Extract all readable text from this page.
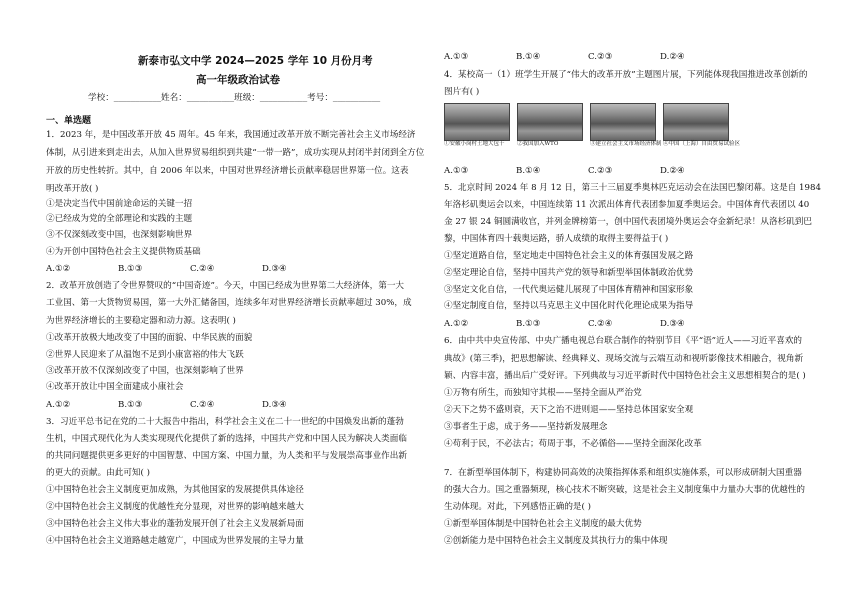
新泰市弘文中学 2024—2025 学年 10 月份月考
高一年级政治试卷
学校：___________姓名：___________班级：___________考号：___________
一、单选题
1．2023 年，是中国改革开放 45 周年。45 年来，我国通过改革开放不断完善社会主义市场经济
体制，从引进来到走出去，从加入世界贸易组织到共建“一带一路”，成功实现从封闭半封闭到全方位
开放的历史性转折。其中，自 2006 年以来，中国对世界经济增长贡献率稳居世界第一位。这表
明改革开放( )
①是决定当代中国前途命运的关键一招
②已经成为党的全部理论和实践的主题
③不仅深刻改变中国，也深刻影响世界
④为开创中国特色社会主义提供物质基础
A.①②	B.①③	C.②④	D.③④
2．改革开放创造了令世界赞叹的“中国奇迹”。今天，中国已经成为世界第二大经济体，第一大
工业国、第一大货物贸易国，第一大外汇储备国，连续多年对世界经济增长贡献率超过 30%，成
为世界经济增长的主要稳定器和动力源。这表明( )
①改革开放极大地改变了中国的面貌、中华民族的面貌
②世界人民迎来了从温饱不足到小康富裕的伟大飞跃
③改革开放不仅深刻改变了中国，也深刻影响了世界
④改革开放让中国全面建成小康社会
A.①②	B.①③	C.②④	D.③④
3．习近平总书记在党的二十大报告中指出，科学社会主义在二十一世纪的中国焕发出新的蓬勃
生机，中国式现代化为人类实现现代化提供了新的选择，中国共产党和中国人民为解决人类面临
的共同问题提供更多更好的中国智慧、中国方案、中国力量，为人类和平与发展崇高事业作出新
的更大的贡献。由此可知( )
①中国特色社会主义制度更加成熟，为其他国家的发展提供具体途径
②中国特色社会主义制度的优越性充分显现，对世界的影响越来越大
③中国特色社会主义伟大事业的蓬勃发展开创了社会主义发展新局面
④中国特色社会主义道路越走越宽广，中国成为世界发展的主导力量
A.①③	B.①④	C.②③	D.②④
4．某校高一（1）班学生开展了“伟大的改革开放”主题图片展，下列能体现我国推进改革创新的
图片有( )
①安徽小岗村土地大包干	②我国加入WTO	③建立社会主义市场经济体制 ④中国（上海）自由贸易试验区
A.①③	B.①④	C.②③	D.②④
5．北京时间 2024 年 8 月 12 日，第三十三届夏季奥林匹克运动会在法国巴黎闭幕。这是自 1984
年洛杉矶奥运会以来，中国连续第 11 次派出体育代表团参加夏季奥运会。中国体育代表团以 40
金 27 银 24 铜圆满收官，并列金牌榜第一，创中国代表团境外奥运会夺金新纪录！从洛杉矶到巴
黎，中国体育四十载奥运路，骄人成绩的取得主要得益于( )
①坚定道路自信，坚定地走中国特色社会主义的体育强国发展之路
②坚定理论自信，坚持中国共产党的领导和新型举国体制政治优势
③坚定文化自信，一代代奥运健儿展现了中国体育精神和国家形象
④坚定制度自信，坚持以马克思主义中国化时代化理论成果为指导
A.①②	B.①③	C.②④	D.③④
6．由中共中央宣传部、中央广播电视总台联合制作的特别节目《平“语”近人——习近平喜欢的
典故》(第三季)，把思想解读、经典释义、现场交流与云端互动和视听影像技术相融合，视角新
颖、内容丰富，播出后广受好评。下列典故与习近平新时代中国特色社会主义思想相契合的是( )
①万物有所生，而独知守其根——坚持全面从严治党
②天下之势不盛则衰，天下之治不进则退——坚持总体国家安全观
③事者生于虑，成于务——坚持新发展理念
④苟利于民，不必法古；苟周于事，不必循俗——坚持全面深化改革
7．在新型举国体制下，构建协同高效的决策指挥体系和组织实施体系，可以形成研制大国重器
的强大合力。国之重器频现，核心技术不断突破，这是社会主义制度集中力量办大事的优越性的
生动体现。对此，下列感悟正确的是( )
①新型举国体制是中国特色社会主义制度的最大优势
②创新能力是中国特色社会主义制度及其执行力的集中体现
